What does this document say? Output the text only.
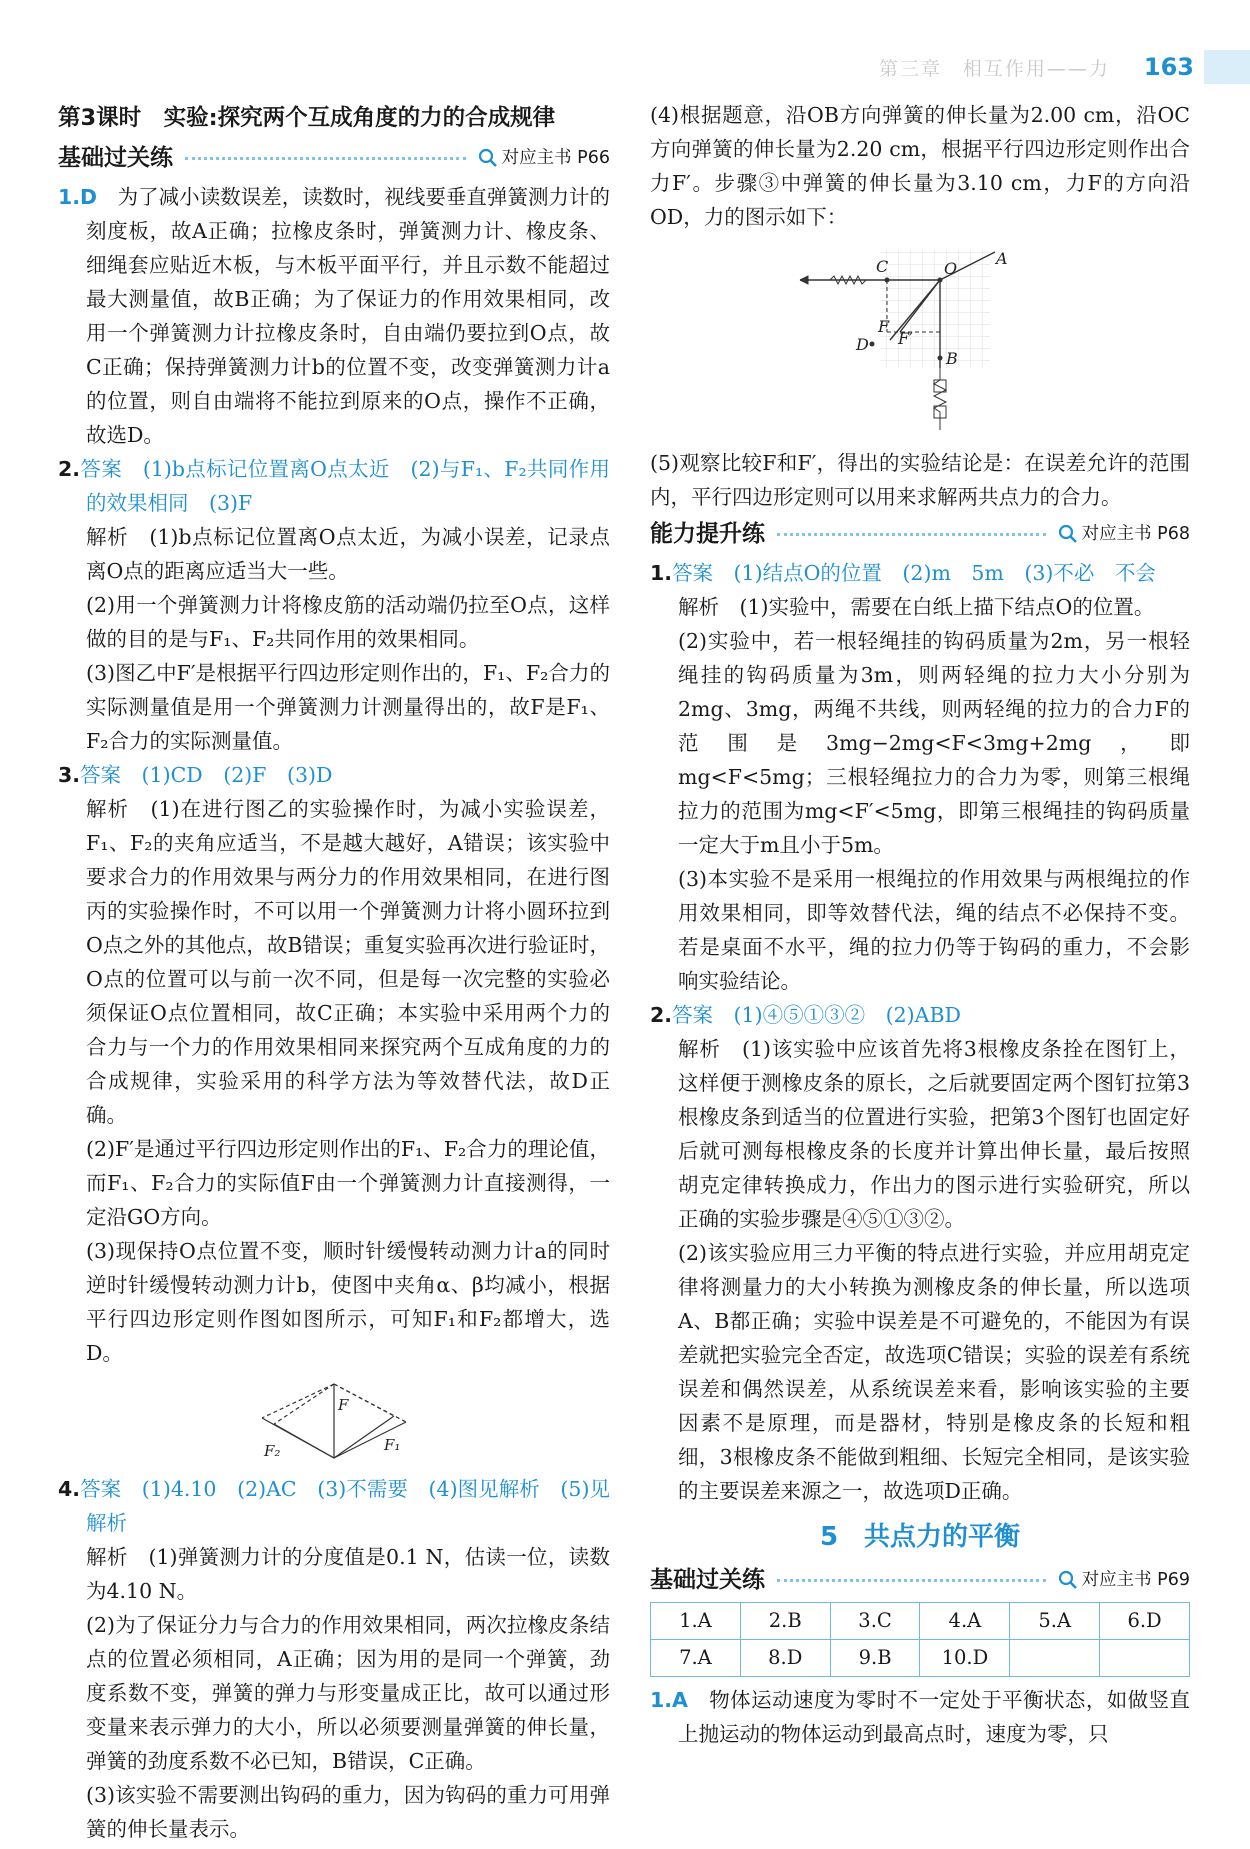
第三章　相互作用——力	163
第3课时　实验:探究两个互成角度的力的合成规律
基础过关练	对应主书 P66

1.D　 为了减小读数误差，读数时，视线要垂直弹簧测力计的刻度板，故A正确；拉橡皮条时，弹簧测力计、橡皮条、细绳套应贴近木板，与木板平面平行，并且示数不能超过最大测量值，故B正确；为了保证力的作用效果相同，改用一个弹簧测力计拉橡皮条时，自由端仍要拉到O点，故C正确；保持弹簧测力计b的位置不变，改变弹簧测力计a的位置，则自由端将不能拉到原来的O点，操作不正确，故选D。

2.答案　(1)b点标记位置离O点太近　(2)与F₁、F₂共同作用的效果相同　(3)F

解析　(1)b点标记位置离O点太近，为减小误差，记录点离O点的距离应适当大一些。

(2)用一个弹簧测力计将橡皮筋的活动端仍拉至O点，这样做的目的是与F₁、F₂共同作用的效果相同。

(3)图乙中F′是根据平行四边形定则作出的，F₁、F₂合力的实际测量值是用一个弹簧测力计测量得出的，故F是F₁、F₂合力的实际测量值。

3.答案　(1)CD　(2)F　(3)D

解析　(1)在进行图乙的实验操作时，为减小实验误差，F₁、F₂的夹角应适当，不是越大越好，A错误；该实验中要求合力的作用效果与两分力的作用效果相同，在进行图丙的实验操作时，不可以用一个弹簧测力计将小圆环拉到O点之外的其他点，故B错误；重复实验再次进行验证时，O点的位置可以与前一次不同，但是每一次完整的实验必须保证O点位置相同，故C正确；本实验中采用两个力的合力与一个力的作用效果相同来探究两个互成角度的力的合成规律，实验采用的科学方法为等效替代法，故D正确。

(2)F′是通过平行四边形定则作出的F₁、F₂合力的理论值，而F₁、F₂合力的实际值F由一个弹簧测力计直接测得，一定沿GO方向。

(3)现保持O点位置不变，顺时针缓慢转动测力计a的同时逆时针缓慢转动测力计b，使图中夹角α、β均减小，根据平行四边形定则作图如图所示，可知F₁和F₂都增大，选D。

F
F₁
F₂

4.答案　(1)4.10　(2)AC　(3)不需要　(4)图见解析　(5)见解析

解析　(1)弹簧测力计的分度值是0.1 N，估读一位，读数为4.10 N。

(2)为了保证分力与合力的作用效果相同，两次拉橡皮条结点的位置必须相同，A正确；因为用的是同一个弹簧，劲度系数不变，弹簧的弹力与形变量成正比，故可以通过形变量来表示弹力的大小，所以必须要测量弹簧的伸长量，弹簧的劲度系数不必已知，B错误，C正确。

(3)该实验不需要测出钩码的重力，因为钩码的重力可用弹簧的伸长量表示。

(4)根据题意，沿OB方向弹簧的伸长量为2.00 cm，沿OC方向弹簧的伸长量为2.20 cm，根据平行四边形定则作出合力F′。步骤③中弹簧的伸长量为3.10 cm，力F的方向沿OD，力的图示如下：

C	O
A
F
F′
D
B

(5)观察比较F和F′，得出的实验结论是：在误差允许的范围内，平行四边形定则可以用来求解两共点力的合力。

能力提升练	对应主书 P68

1.答案　(1)结点O的位置　(2)m　5m　(3)不必　不会

解析　(1)实验中，需要在白纸上描下结点O的位置。

(2)实验中，若一根轻绳挂的钩码质量为2m，另一根轻绳挂的钩码质量为3m，则两轻绳的拉力大小分别为2mg、3mg，两绳不共线，则两轻绳的拉力的合力F的范围是3mg−2mg<F<3mg+2mg，即mg<F<5mg；三根轻绳拉力的合力为零，则第三根绳拉力的范围为mg<F′<5mg，即第三根绳挂的钩码质量一定大于m且小于5m。

(3)本实验不是采用一根绳拉的作用效果与两根绳拉的作用效果相同，即等效替代法，绳的结点不必保持不变。若是桌面不水平，绳的拉力仍等于钩码的重力，不会影响实验结论。

2.答案　(1)④⑤①③②　(2)ABD

解析　(1)该实验中应该首先将3根橡皮条拴在图钉上，这样便于测橡皮条的原长，之后就要固定两个图钉拉第3根橡皮条到适当的位置进行实验，把第3个图钉也固定好后就可测每根橡皮条的长度并计算出伸长量，最后按照胡克定律转换成力，作出力的图示进行实验研究，所以正确的实验步骤是④⑤①③②。

(2)该实验应用三力平衡的特点进行实验，并应用胡克定律将测量力的大小转换为测橡皮条的伸长量，所以选项A、B都正确；实验中误差是不可避免的，不能因为有误差就把实验完全否定，故选项C错误；实验的误差有系统误差和偶然误差，从系统误差来看，影响该实验的主要因素不是原理，而是器材，特别是橡皮条的长短和粗细，3根橡皮条不能做到粗细、长短完全相同，是该实验的主要误差来源之一，故选项D正确。

5　共点力的平衡
基础过关练	对应主书 P69
1.A	2.B	3.C	4.A	5.A	6.D
7.A	8.D	9.B	10.D		

1.A　 物体运动速度为零时不一定处于平衡状态，如做竖直上抛运动的物体运动到最高点时，速度为零，只
